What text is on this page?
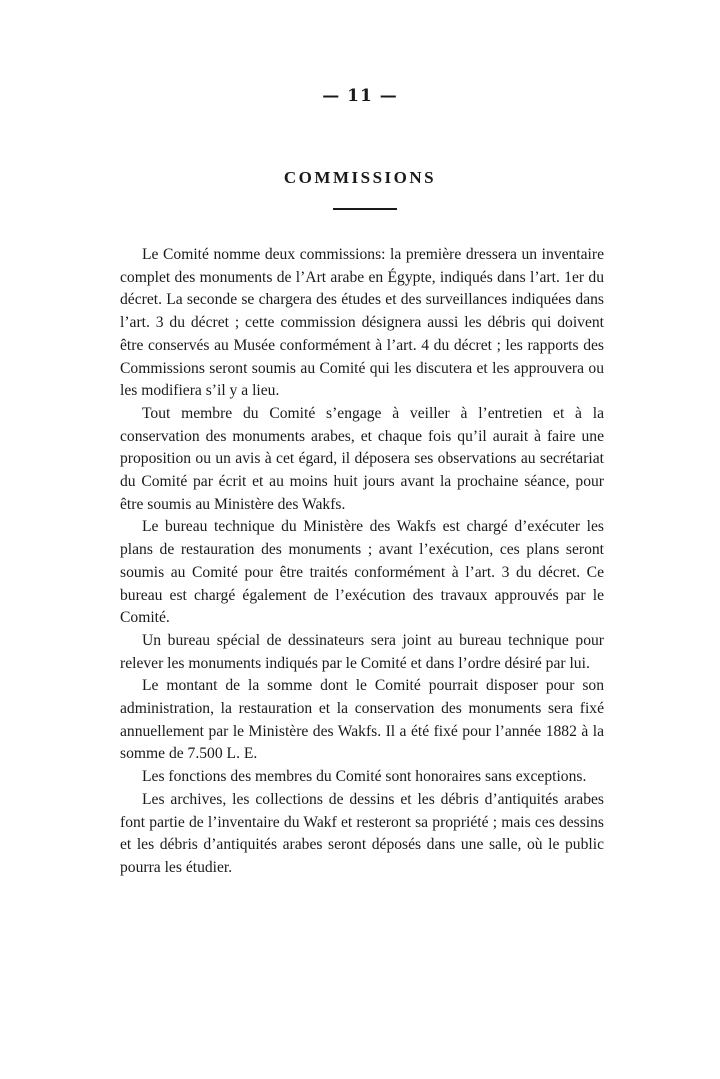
— 11 —
COMMISSIONS

Le Comité nomme deux commissions: la première dressera un inventaire complet des monuments de l’Art arabe en Égypte, indiqués dans l’art. 1er du décret. La seconde se chargera des études et des surveillances indiquées dans l’art. 3 du décret ; cette commission désignera aussi les débris qui doivent être conservés au Musée conformément à l’art. 4 du décret ; les rapports des Commissions seront soumis au Comité qui les discutera et les approuvera ou les modifiera s’il y a lieu.

Tout membre du Comité s’engage à veiller à l’entretien et à la conservation des monuments arabes, et chaque fois qu’il aurait à faire une proposition ou un avis à cet égard, il déposera ses observations au secrétariat du Comité par écrit et au moins huit jours avant la prochaine séance, pour être soumis au Ministère des Wakfs.

Le bureau technique du Ministère des Wakfs est chargé d’exécuter les plans de restauration des monuments ; avant l’exécution, ces plans seront soumis au Comité pour être traités conformément à l’art. 3 du décret. Ce bureau est chargé également de l’exécution des travaux approuvés par le Comité.

Un bureau spécial de dessinateurs sera joint au bureau technique pour relever les monuments indiqués par le Comité et dans l’ordre désiré par lui.

Le montant de la somme dont le Comité pourrait disposer pour son administration, la restauration et la conservation des monuments sera fixé annuellement par le Ministère des Wakfs. Il a été fixé pour l’année 1882 à la somme de 7.500 L. E.

Les fonctions des membres du Comité sont honoraires sans exceptions.

Les archives, les collections de dessins et les débris d’antiquités arabes font partie de l’inventaire du Wakf et resteront sa propriété ; mais ces dessins et les débris d’antiquités arabes seront déposés dans une salle, où le public pourra les étudier.
